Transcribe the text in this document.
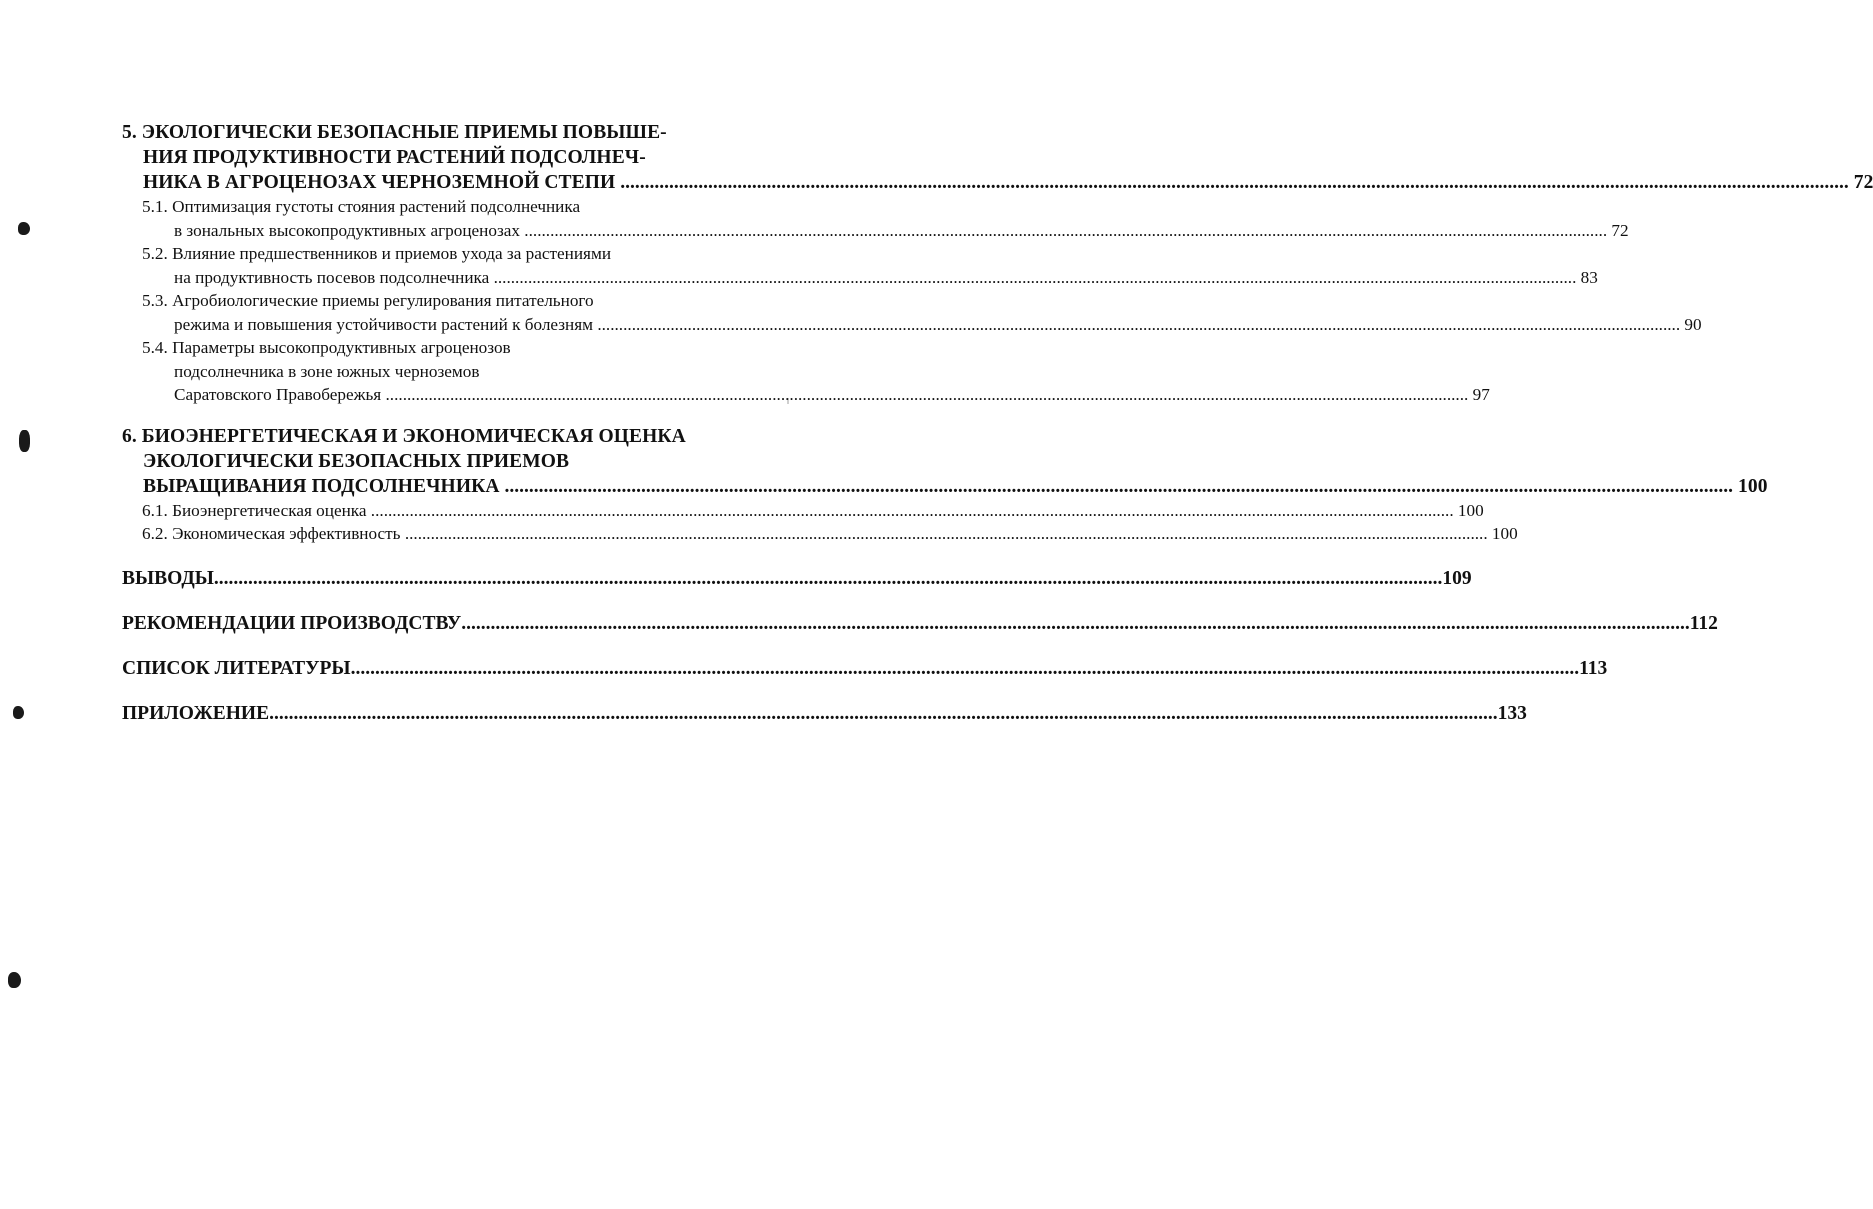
5. ЭКОЛОГИЧЕСКИ БЕЗОПАСНЫЕ ПРИЕМЫ ПОВЫШЕ-
НИЯ ПРОДУКТИВНОСТИ РАСТЕНИЙ ПОДСОЛНЕЧ-
НИКА В АГРОЦЕНОЗАХ ЧЕРНОЗЕМНОЙ СТЕПИ .....	72
5.1. Оптимизация густоты стояния растений подсолнечника
в зональных высокопродуктивных агроценозах .....	72
5.2. Влияние предшественников и приемов ухода за растениями
на продуктивность посевов подсолнечника .....	83
5.3. Агробиологические приемы регулирования питательного
режима и повышения устойчивости растений к болезням .....	90
5.4. Параметры высокопродуктивных агроценозов
подсолнечника в зоне южных черноземов
Саратовского Правобережья .....	97
6. БИОЭНЕРГЕТИЧЕСКАЯ И ЭКОНОМИЧЕСКАЯ ОЦЕНКА
ЭКОЛОГИЧЕСКИ БЕЗОПАСНЫХ ПРИЕМОВ
ВЫРАЩИВАНИЯ ПОДСОЛНЕЧНИКА .....	100
6.1. Биоэнергетическая оценка .....	100
6.2. Экономическая эффективность .....	100
ВЫВОДЫ .....	109
РЕКОМЕНДАЦИИ ПРОИЗВОДСТВУ .....	112
СПИСОК ЛИТЕРАТУРЫ .....	113
ПРИЛОЖЕНИЕ .....	133
